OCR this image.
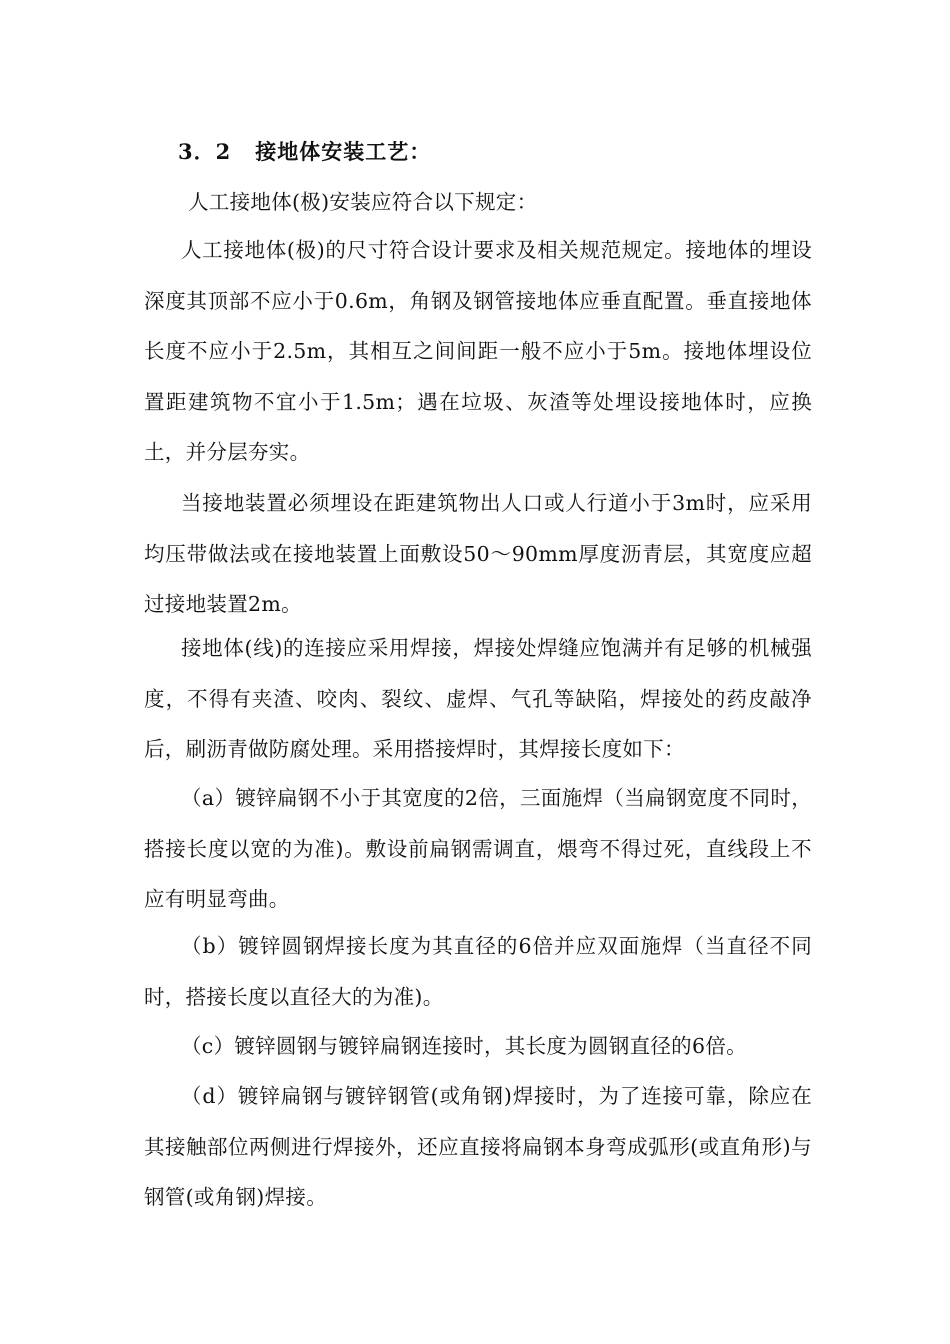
3．2 接地体安装工艺：

人工接地体(极)安装应符合以下规定：

人工接地体(极)的尺寸符合设计要求及相关规范规定。接地体的埋设深度其顶部不应小于0.6m，角钢及钢管接地体应垂直配置。垂直接地体长度不应小于2.5m，其相互之间间距一般不应小于5m。接地体埋设位置距建筑物不宜小于1.5m；遇在垃圾、灰渣等处埋设接地体时，应换土，并分层夯实。

当接地装置必须埋设在距建筑物出人口或人行道小于3m时，应采用均压带做法或在接地装置上面敷设50～90mm厚度沥青层，其宽度应超过接地装置2m。

接地体(线)的连接应采用焊接，焊接处焊缝应饱满并有足够的机械强度，不得有夹渣、咬肉、裂纹、虚焊、气孔等缺陷，焊接处的药皮敲净后，刷沥青做防腐处理。采用搭接焊时，其焊接长度如下：

（a）镀锌扁钢不小于其宽度的2倍，三面施焊（当扁钢宽度不同时，搭接长度以宽的为准)。敷设前扁钢需调直，煨弯不得过死，直线段上不应有明显弯曲。

（b）镀锌圆钢焊接长度为其直径的6倍并应双面施焊（当直径不同时，搭接长度以直径大的为准)。

（c）镀锌圆钢与镀锌扁钢连接时，其长度为圆钢直径的6倍。

（d）镀锌扁钢与镀锌钢管(或角钢)焊接时，为了连接可靠，除应在其接触部位两侧进行焊接外，还应直接将扁钢本身弯成弧形(或直角形)与钢管(或角钢)焊接。
